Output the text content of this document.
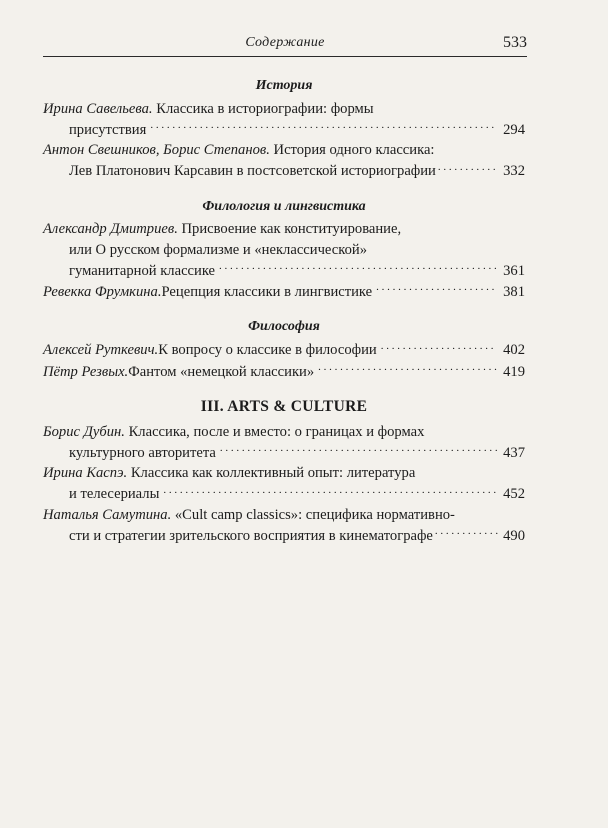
Содержание	533
История
Ирина Савельева. Классика в историографии: формы
присутствия . . .	294
Антон Свешников, Борис Степанов. История одного классика:
Лев Платонович Карсавин в постсоветской историографии . . .	332
Филология и лингвистика
Александр Дмитриев. Присвоение как конституирование,
или О русском формализме и «неклассической»
гуманитарной классике . . .	361
Ревекка Фрумкина. Рецепция классики в лингвистике . . .	381
Философия
Алексей Руткевич. К вопросу о классике в философии . . .	402
Пётр Резвых. Фантом «немецкой классики» . . .	419
III. ARTS & CULTURE
Борис Дубин. Классика, после и вместо: о границах и формах
культурного авторитета . . .	437
Ирина Каспэ. Классика как коллективный опыт: литература
и телесериалы . . .	452
Наталья Самутина. «Cult camp classics»: специфика нормативно-
сти и стратегии зрительского восприятия в кинематографе . . .	490
